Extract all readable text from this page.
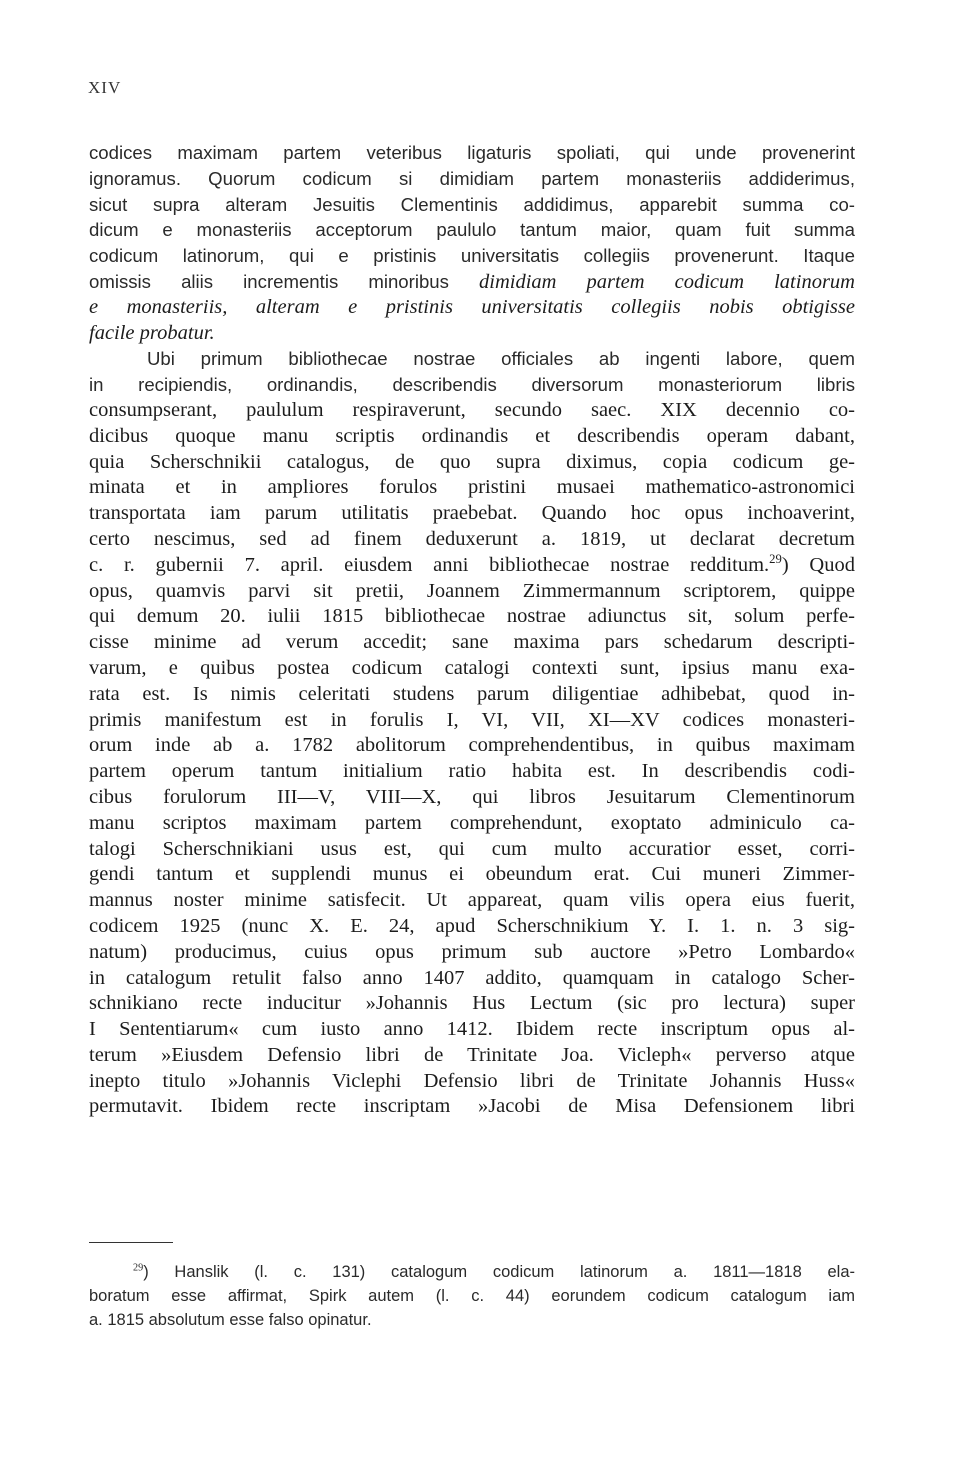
XIV
codices maximam partem veteribus ligaturis spoliati, qui unde provenerint
ignoramus. Quorum codicum si dimidiam partem monasteriis addiderimus,
sicut supra alteram Jesuitis Clementinis addidimus, apparebit summa co-
dicum e monasteriis acceptorum paululo tantum maior, quam fuit summa
codicum latinorum, qui e pristinis universitatis collegiis provenerunt. Itaque
omissis aliis incrementis minoribus dimidiam partem codicum latinorum
e monasteriis, alteram e pristinis universitatis collegiis nobis obtigisse
facile probatur.
Ubi primum bibliothecae nostrae officiales ab ingenti labore, quem
in recipiendis, ordinandis, describendis diversorum monasteriorum libris
consumpserant, paululum respiraverunt, secundo saec. XIX decennio co-
dicibus quoque manu scriptis ordinandis et describendis operam dabant,
quia Scherschnikii catalogus, de quo supra diximus, copia codicum ge-
minata et in ampliores forulos pristini musaei mathematico-astronomici
transportata iam parum utilitatis praebebat. Quando hoc opus inchoaverint,
certo nescimus, sed ad finem deduxerunt a. 1819, ut declarat decretum
c. r. gubernii 7. april. eiusdem anni bibliothecae nostrae redditum.$^{29}$) Quod
opus, quamvis parvi sit pretii, Joannem Zimmermannum scriptorem, quippe
qui demum 20. iulii 1815 bibliothecae nostrae adiunctus sit, solum perfe-
cisse minime ad verum accedit; sane maxima pars schedarum descripti-
varum, e quibus postea codicum catalogi contexti sunt, ipsius manu exa-
rata est. Is nimis celeritati studens parum diligentiae adhibebat, quod in-
primis manifestum est in forulis I, VI, VII, XI—XV codices monasteri-
orum inde ab a. 1782 abolitorum comprehendentibus, in quibus maximam
partem operum tantum initialium ratio habita est. In describendis codi-
cibus forulorum III—V, VIII—X, qui libros Jesuitarum Clementinorum
manu scriptos maximam partem comprehendunt, exoptato adminiculo ca-
talogi Scherschnikiani usus est, qui cum multo accuratior esset, corri-
gendi tantum et supplendi munus ei obeundum erat. Cui muneri Zimmer-
mannus noster minime satisfecit. Ut appareat, quam vilis opera eius fuerit,
codicem 1925 (nunc X. E. 24, apud Scherschnikium Y. I. 1. n. 3 sig-
natum) producimus, cuius opus primum sub auctore »Petro Lombardo«
in catalogum retulit falso anno 1407 addito, quamquam in catalogo Scher-
schnikiano recte inducitur »Johannis Hus Lectum (sic pro lectura) super
I Sententiarum« cum iusto anno 1412. Ibidem recte inscriptum opus al-
terum »Eiusdem Defensio libri de Trinitate Joa. Vicleph« perverso atque
inepto titulo »Johannis Viclephi Defensio libri de Trinitate Johannis Huss«
permutavit. Ibidem recte inscriptam »Jacobi de Misa Defensionem libri
$^{29}$) Hanslik (l. c. 131) catalogum codicum latinorum a. 1811—1818 ela-
boratum esse affirmat, Spirk autem (l. c. 44) eorundem codicum catalogum iam
a. 1815 absolutum esse falso opinatur.
